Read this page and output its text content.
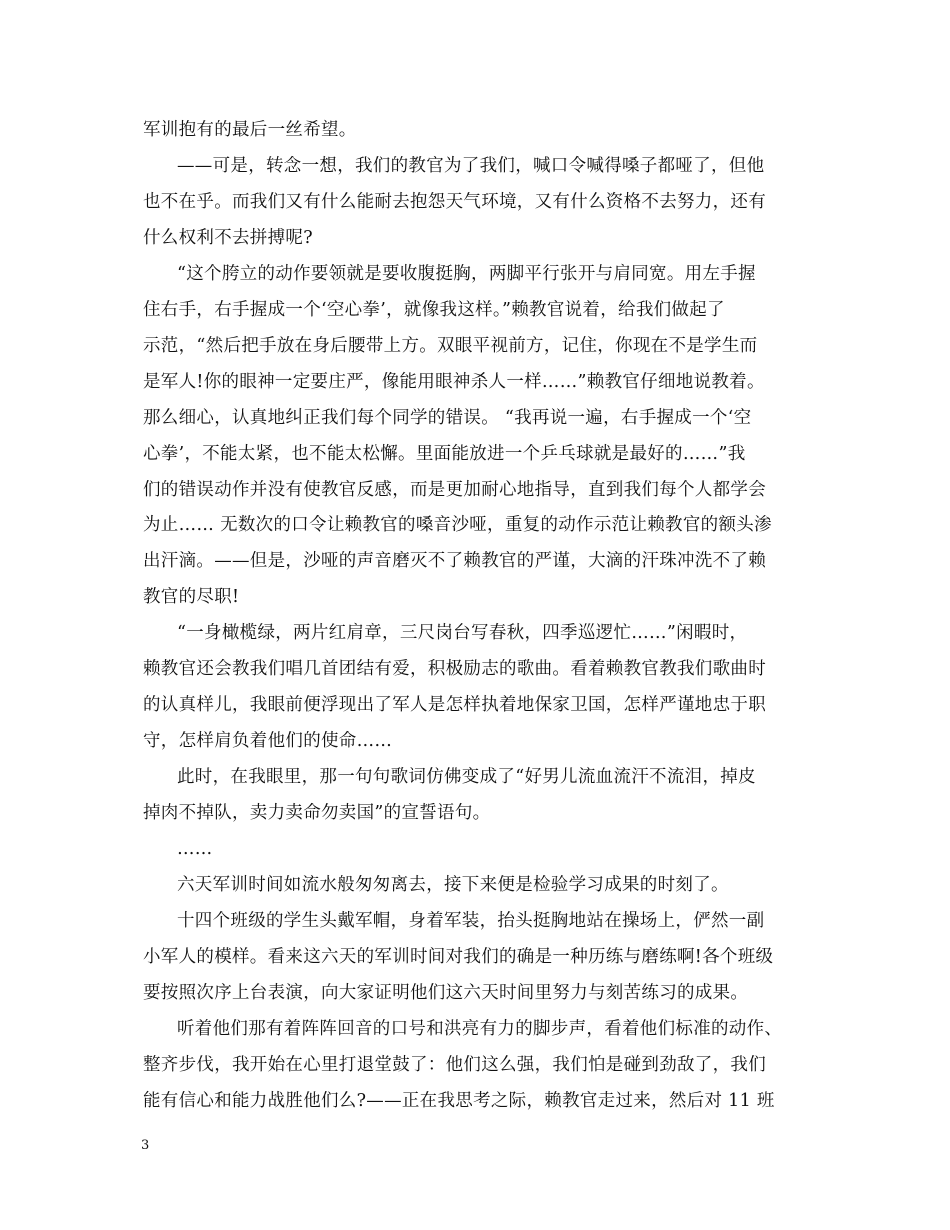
军训抱有的最后一丝希望。
——可是，转念一想，我们的教官为了我们，喊口令喊得嗓子都哑了，但他
也不在乎。而我们又有什么能耐去抱怨天气环境，又有什么资格不去努力，还有
什么权利不去拼搏呢?
“这个胯立的动作要领就是要收腹挺胸，两脚平行张开与肩同宽。用左手握
住右手，右手握成一个‘空心拳’，就像我这样。”赖教官说着，给我们做起了
示范，“然后把手放在身后腰带上方。双眼平视前方，记住，你现在不是学生而
是军人!你的眼神一定要庄严，像能用眼神杀人一样……”赖教官仔细地说教着。
那么细心，认真地纠正我们每个同学的错误。 “我再说一遍，右手握成一个‘空
心拳’，不能太紧，也不能太松懈。里面能放进一个乒乓球就是最好的……”我
们的错误动作并没有使教官反感，而是更加耐心地指导，直到我们每个人都学会
为止…… 无数次的口令让赖教官的嗓音沙哑，重复的动作示范让赖教官的额头渗
出汗滴。——但是，沙哑的声音磨灭不了赖教官的严谨，大滴的汗珠冲洗不了赖
教官的尽职!
“一身橄榄绿，两片红肩章，三尺岗台写春秋，四季巡逻忙……”闲暇时，
赖教官还会教我们唱几首团结有爱，积极励志的歌曲。看着赖教官教我们歌曲时
的认真样儿，我眼前便浮现出了军人是怎样执着地保家卫国，怎样严谨地忠于职
守，怎样肩负着他们的使命……
此时，在我眼里，那一句句歌词仿佛变成了“好男儿流血流汗不流泪，掉皮
掉肉不掉队，卖力卖命勿卖国”的宣誓语句。
……
六天军训时间如流水般匆匆离去，接下来便是检验学习成果的时刻了。
十四个班级的学生头戴军帽，身着军装，抬头挺胸地站在操场上，俨然一副
小军人的模样。看来这六天的军训时间对我们的确是一种历练与磨练啊!各个班级
要按照次序上台表演，向大家证明他们这六天时间里努力与刻苦练习的成果。
听着他们那有着阵阵回音的口号和洪亮有力的脚步声，看着他们标准的动作、
整齐步伐，我开始在心里打退堂鼓了：他们这么强，我们怕是碰到劲敌了，我们
能有信心和能力战胜他们么?——正在我思考之际，赖教官走过来，然后对 11 班
3
